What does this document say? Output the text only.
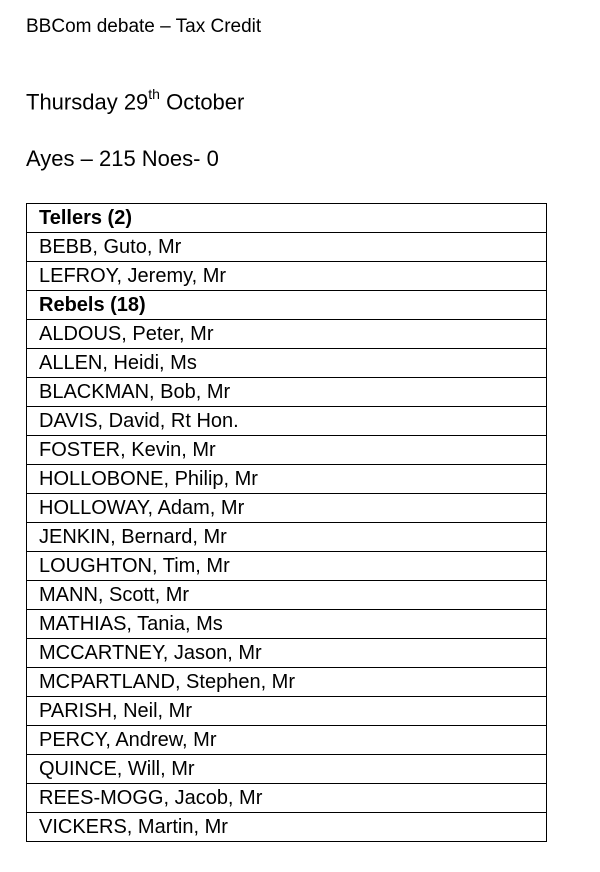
BBCom debate – Tax Credit
Thursday 29th October
Ayes – 215 Noes- 0
Tellers (2)
BEBB, Guto, Mr
LEFROY, Jeremy, Mr
Rebels (18)
ALDOUS, Peter, Mr
ALLEN, Heidi, Ms
BLACKMAN, Bob, Mr
DAVIS, David, Rt Hon.
FOSTER, Kevin, Mr
HOLLOBONE, Philip, Mr
HOLLOWAY, Adam, Mr
JENKIN, Bernard, Mr
LOUGHTON, Tim, Mr
MANN, Scott, Mr
MATHIAS, Tania, Ms
MCCARTNEY, Jason, Mr
MCPARTLAND, Stephen, Mr
PARISH, Neil, Mr
PERCY, Andrew, Mr
QUINCE, Will, Mr
REES-MOGG, Jacob, Mr
VICKERS, Martin, Mr
